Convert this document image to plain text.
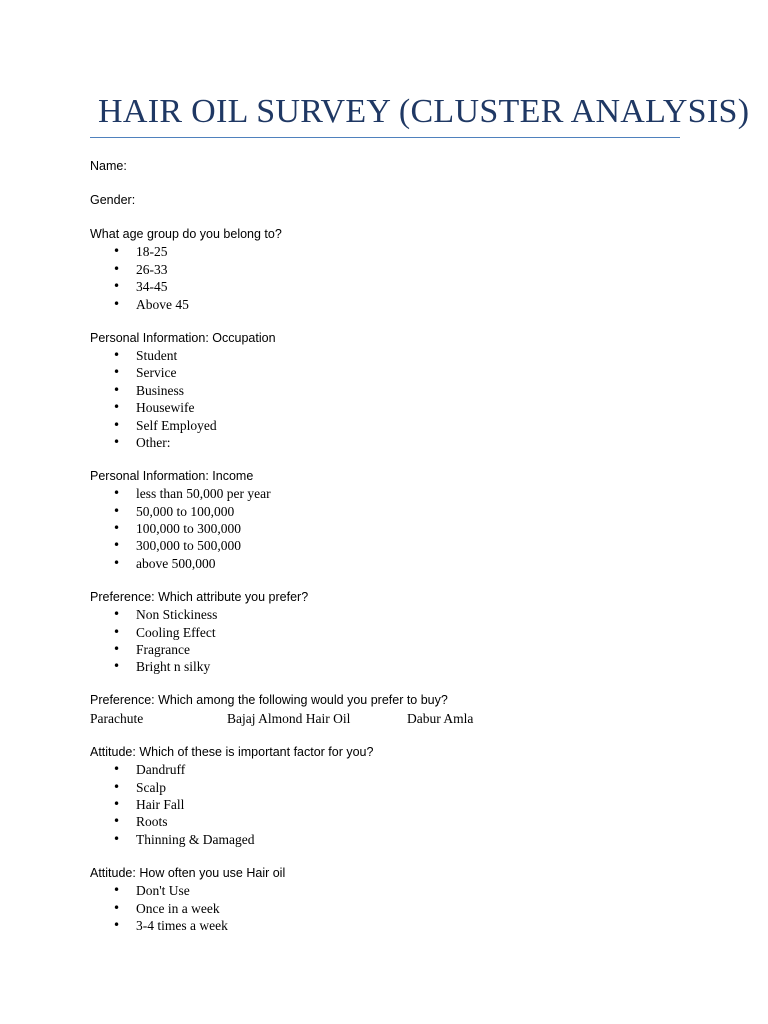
HAIR OIL SURVEY (CLUSTER ANALYSIS)

Name:

Gender:

What age group do you belong to?

• 18-25
• 26-33
• 34-45
• Above 45

Personal Information: Occupation

• Student
• Service
• Business
• Housewife
• Self Employed
• Other:

Personal Information: Income

• less than 50,000 per year
• 50,000 to 100,000
• 100,000 to 300,000
• 300,000 to 500,000
• above 500,000

Preference: Which attribute you prefer?

• Non Stickiness
• Cooling Effect
• Fragrance
• Bright n silky

Preference: Which among the following would you prefer to buy?

Parachute	Bajaj Almond Hair Oil	Dabur Amla

Attitude: Which of these is important factor for you?

• Dandruff
• Scalp
• Hair Fall
• Roots
• Thinning & Damaged

Attitude: How often you use Hair oil

• Don't Use
• Once in a week
• 3-4 times a week
